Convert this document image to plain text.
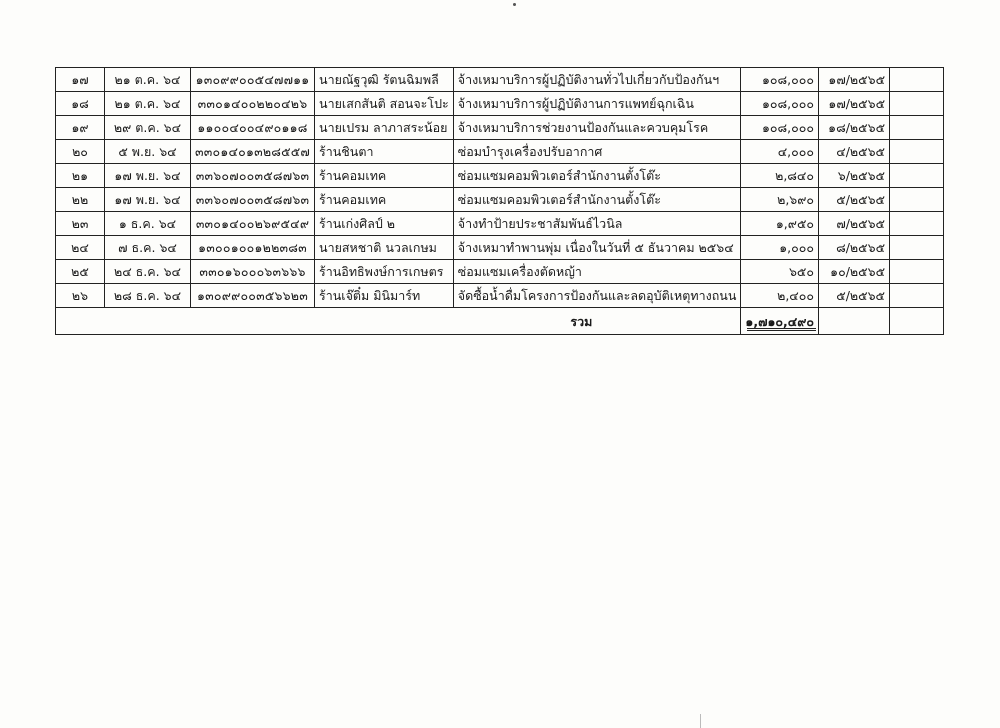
๑๗	๒๑ ต.ค. ๖๔	๑๓๐๙๙๐๐๕๔๗๗๑๑	นายณัฐวุฒิ รัตนฉิมพลี	จ้างเหมาบริการผู้ปฏิบัติงานทั่วไปเกี่ยวกับป้องกันฯ	๑๐๘,๐๐๐	๑๗/๒๕๖๕	
๑๘	๒๑ ต.ค. ๖๔	๓๓๐๑๔๐๐๒๒๐๔๒๖	นายเสกสันติ สอนจะโปะ	จ้างเหมาบริการผู้ปฏิบัติงานการแพทย์ฉุกเฉิน	๑๐๘,๐๐๐	๑๗/๒๕๖๕	
๑๙	๒๙ ต.ค. ๖๔	๑๑๐๐๔๐๐๔๙๐๑๑๘	นายเปรม ลาภาสระน้อย	จ้างเหมาบริการช่วยงานป้องกันและควบคุมโรค	๑๐๘,๐๐๐	๑๘/๒๕๖๕	
๒๐	๕ พ.ย. ๖๔	๓๓๐๑๔๐๑๓๒๘๕๕๗	ร้านชินตา	ซ่อมบำรุงเครื่องปรับอากาศ	๔,๐๐๐	๔/๒๕๖๕	
๒๑	๑๗ พ.ย. ๖๔	๓๓๖๐๗๐๐๓๕๘๗๖๓	ร้านคอมเทค	ซ่อมแซมคอมพิวเตอร์สำนักงานตั้งโต๊ะ	๒,๘๔๐	๖/๒๕๖๕	
๒๒	๑๗ พ.ย. ๖๔	๓๓๖๐๗๐๐๓๕๘๗๖๓	ร้านคอมเทค	ซ่อมแซมคอมพิวเตอร์สำนักงานตั้งโต๊ะ	๒,๖๙๐	๕/๒๕๖๕	
๒๓	๑ ธ.ค. ๖๔	๓๓๐๑๔๐๐๒๖๙๕๔๙	ร้านเก่งศิลป์ ๒	จ้างทำป้ายประชาสัมพันธ์ไวนิล	๑,๙๕๐	๗/๒๕๖๕	
๒๔	๗ ธ.ค. ๖๔	๑๓๐๐๑๐๐๑๒๒๓๘๓	นายสหชาติ นวลเกษม	จ้างเหมาทำพานพุ่ม เนื่องในวันที่ ๕ ธันวาคม ๒๕๖๔	๑,๐๐๐	๘/๒๕๖๕	
๒๕	๒๔ ธ.ค. ๖๔	๓๓๐๑๖๐๐๐๖๓๖๖๖	ร้านอิทธิพงษ์การเกษตร	ซ่อมแซมเครื่องตัดหญ้า	๖๕๐	๑๐/๒๕๖๕	
๒๖	๒๘ ธ.ค. ๖๔	๑๓๐๙๙๐๐๓๕๖๖๒๓	ร้านเจ๊ติ๋ม มินิมาร์ท	จัดซื้อน้ำดื่มโครงการป้องกันและลดอุบัติเหตุทางถนน	๒,๔๐๐	๕/๒๕๖๕	
รวม					๑,๗๑๐,๔๙๐
